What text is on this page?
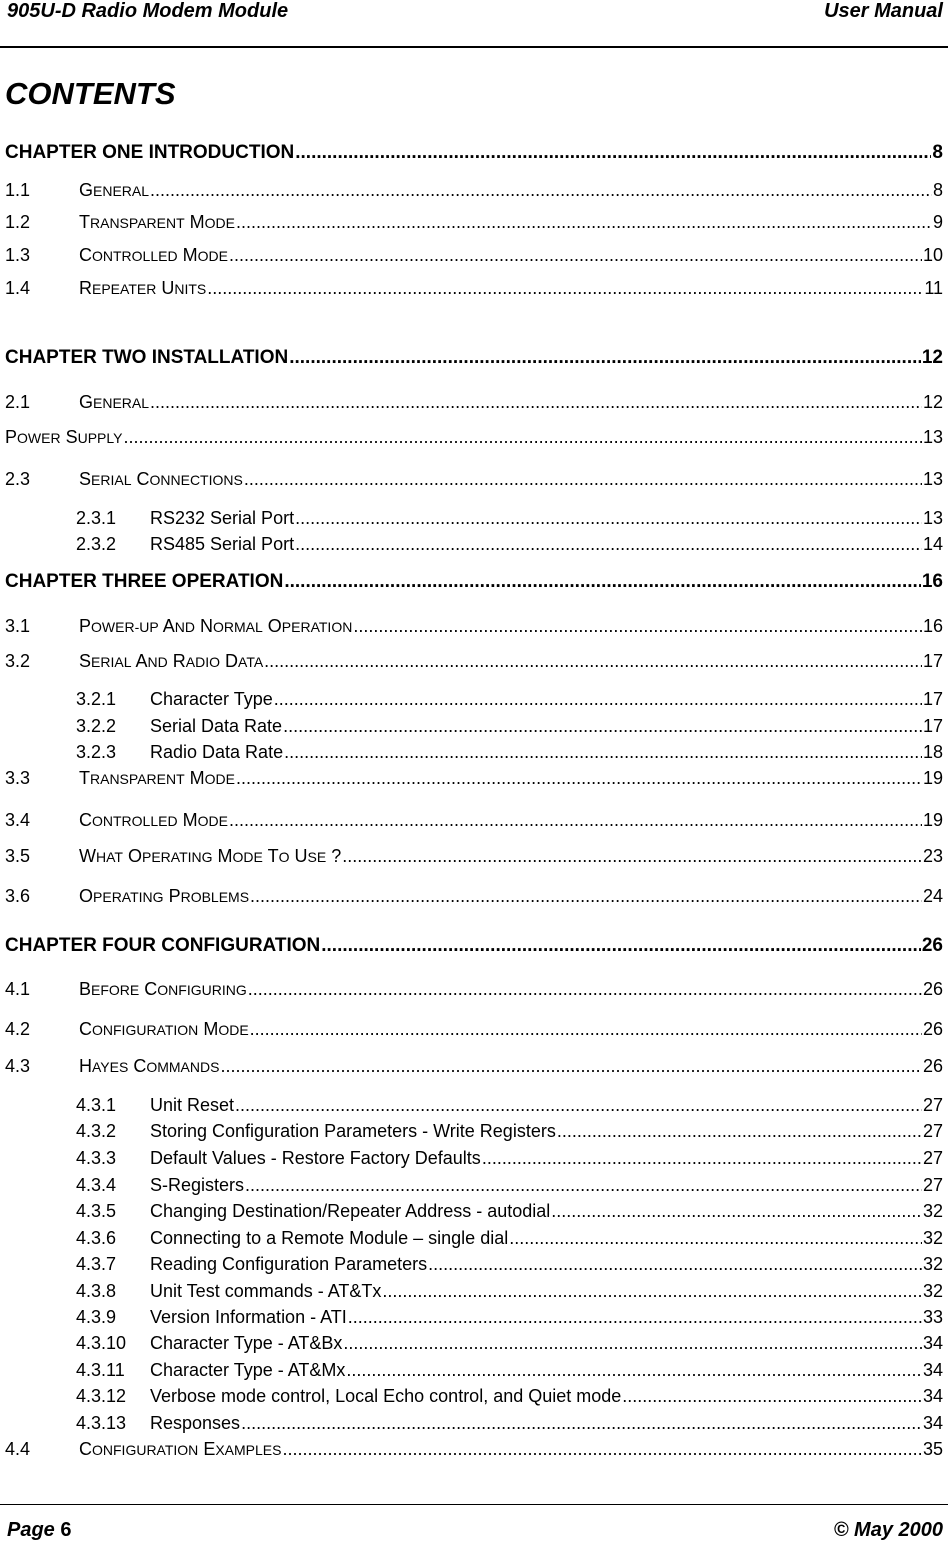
905U-D Radio Modem Module	User Manual
CONTENTS
CHAPTER ONE INTRODUCTION .....	8
1.1	GENERAL .....	8
1.2	TRANSPARENT MODE .....	9
1.3	CONTROLLED MODE .....	10
1.4	REPEATER UNITS .....	11
CHAPTER TWO INSTALLATION .....	12
2.1	GENERAL .....	12
POWER SUPPLY .....	13
2.3	SERIAL CONNECTIONS .....	13
2.3.1	RS232 Serial Port .....	13
2.3.2	RS485 Serial Port .....	14
CHAPTER THREE OPERATION .....	16
3.1	POWER-UP AND NORMAL OPERATION .....	16
3.2	SERIAL AND RADIO DATA .....	17
3.2.1	Character Type .....	17
3.2.2	Serial Data Rate .....	17
3.2.3	Radio Data Rate .....	18
3.3	TRANSPARENT MODE .....	19
3.4	CONTROLLED MODE .....	19
3.5	WHAT OPERATING MODE TO USE ? .....	23
3.6	OPERATING PROBLEMS .....	24
CHAPTER FOUR CONFIGURATION .....	26
4.1	BEFORE CONFIGURING .....	26
4.2	CONFIGURATION MODE .....	26
4.3	HAYES COMMANDS .....	26
4.3.1	Unit Reset .....	27
4.3.2	Storing Configuration Parameters - Write Registers .....	27
4.3.3	Default Values - Restore Factory Defaults .....	27
4.3.4	S-Registers .....	27
4.3.5	Changing Destination/Repeater Address - autodial .....	32
4.3.6	Connecting to a Remote Module – single dial .....	32
4.3.7	Reading Configuration Parameters .....	32
4.3.8	Unit Test commands - AT&Tx .....	32
4.3.9	Version Information - ATI .....	33
4.3.10	Character Type - AT&Bx .....	34
4.3.11	Character Type - AT&Mx .....	34
4.3.12	Verbose mode control, Local Echo control, and Quiet mode .....	34
4.3.13	Responses .....	34
4.4	CONFIGURATION EXAMPLES .....	35
Page 6	© May 2000
